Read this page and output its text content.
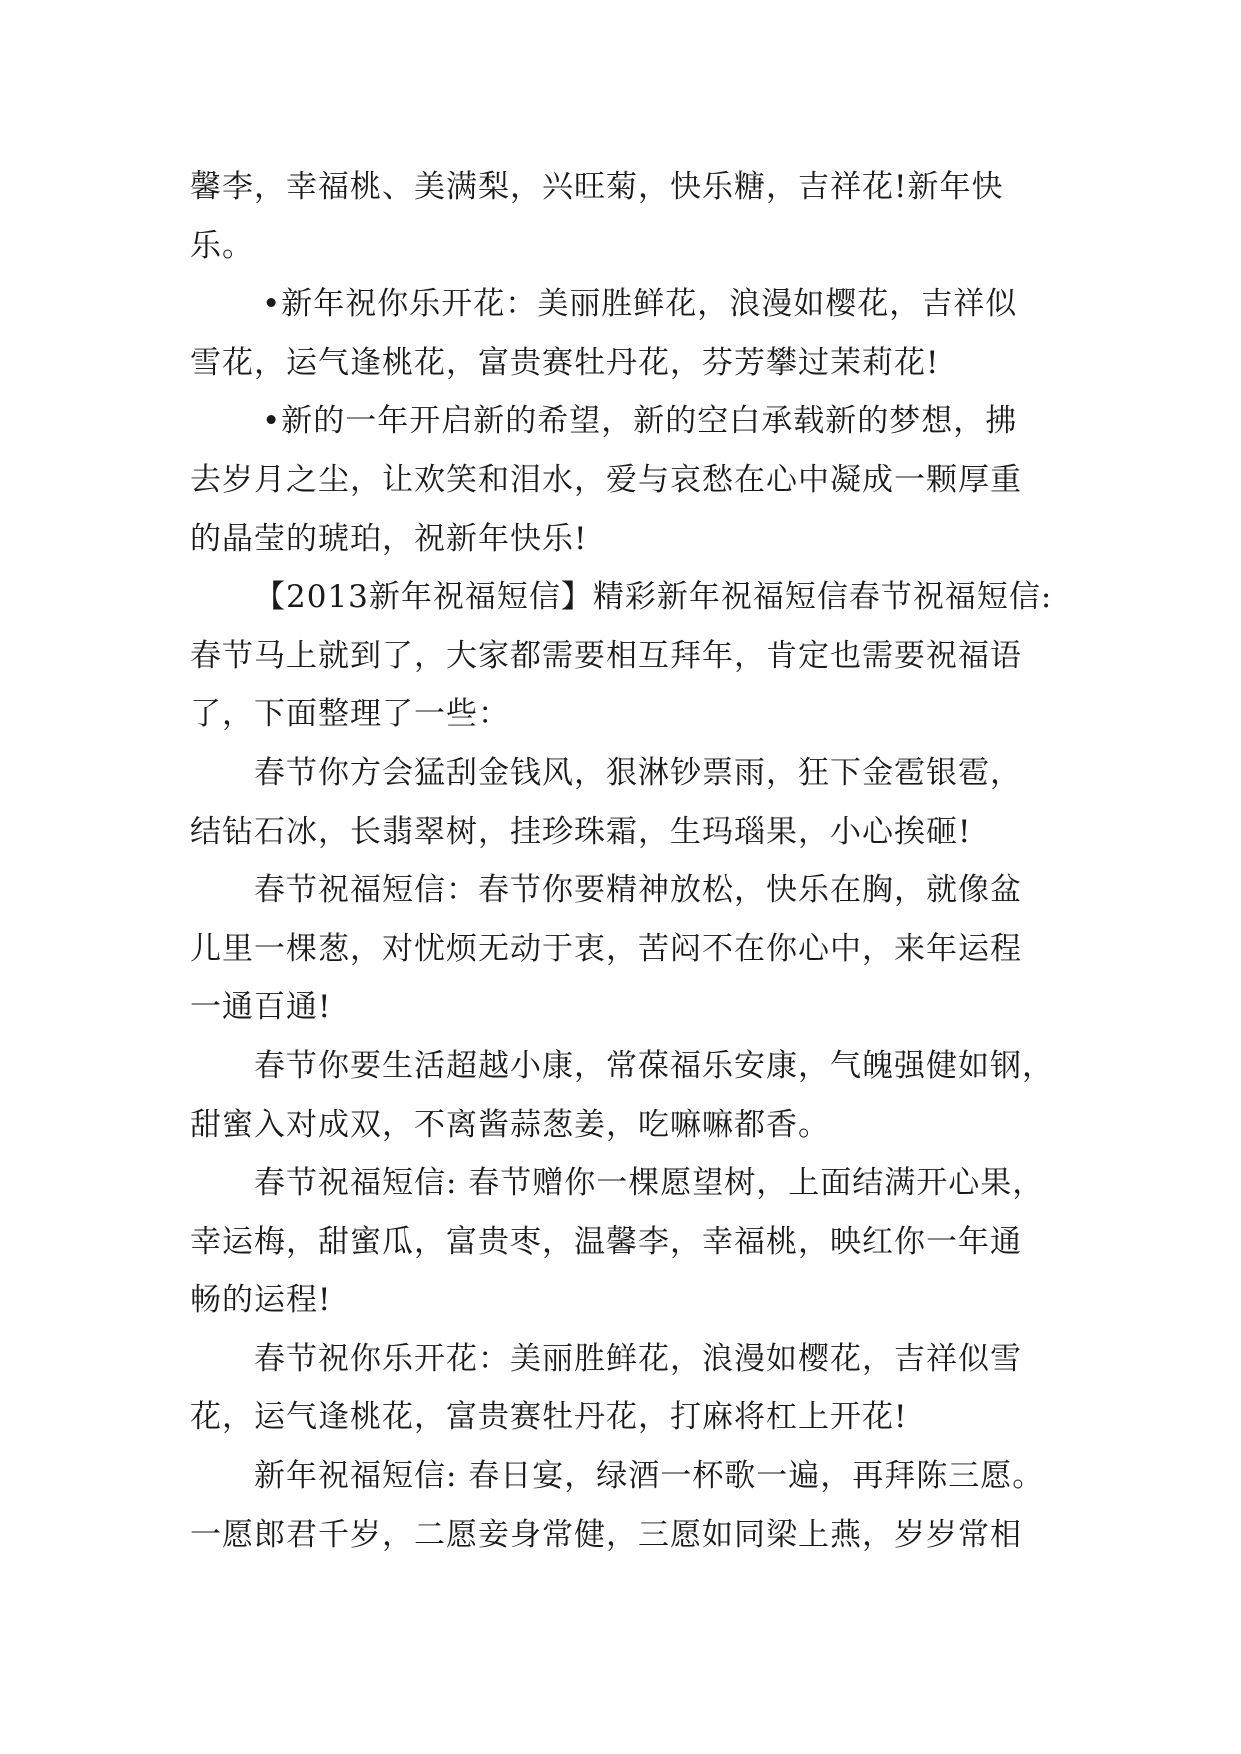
馨李，幸福桃、美满梨，兴旺菊，快乐糖，吉祥花!新年快
乐。
•新年祝你乐开花：美丽胜鲜花，浪漫如樱花，吉祥似
雪花，运气逢桃花，富贵赛牡丹花，芬芳攀过茉莉花!
•新的一年开启新的希望，新的空白承载新的梦想，拂
去岁月之尘，让欢笑和泪水，爱与哀愁在心中凝成一颗厚重
的晶莹的琥珀，祝新年快乐!
【2013新年祝福短信】精彩新年祝福短信春节祝福短信:
春节马上就到了，大家都需要相互拜年，肯定也需要祝福语
了，下面整理了一些：
春节你方会猛刮金钱风，狠淋钞票雨，狂下金雹银雹，
结钻石冰，长翡翠树，挂珍珠霜，生玛瑙果，小心挨砸!
春节祝福短信：春节你要精神放松，快乐在胸，就像盆
儿里一棵葱，对忧烦无动于衷，苦闷不在你心中，来年运程
一通百通!
春节你要生活超越小康，常葆福乐安康，气魄强健如钢，
甜蜜入对成双，不离酱蒜葱姜，吃嘛嘛都香。
春节祝福短信: 春节赠你一棵愿望树，上面结满开心果，
幸运梅，甜蜜瓜，富贵枣，温馨李，幸福桃，映红你一年通
畅的运程!
春节祝你乐开花：美丽胜鲜花，浪漫如樱花，吉祥似雪
花，运气逢桃花，富贵赛牡丹花，打麻将杠上开花!
新年祝福短信: 春日宴，绿酒一杯歌一遍，再拜陈三愿。
一愿郎君千岁，二愿妾身常健，三愿如同梁上燕，岁岁常相
